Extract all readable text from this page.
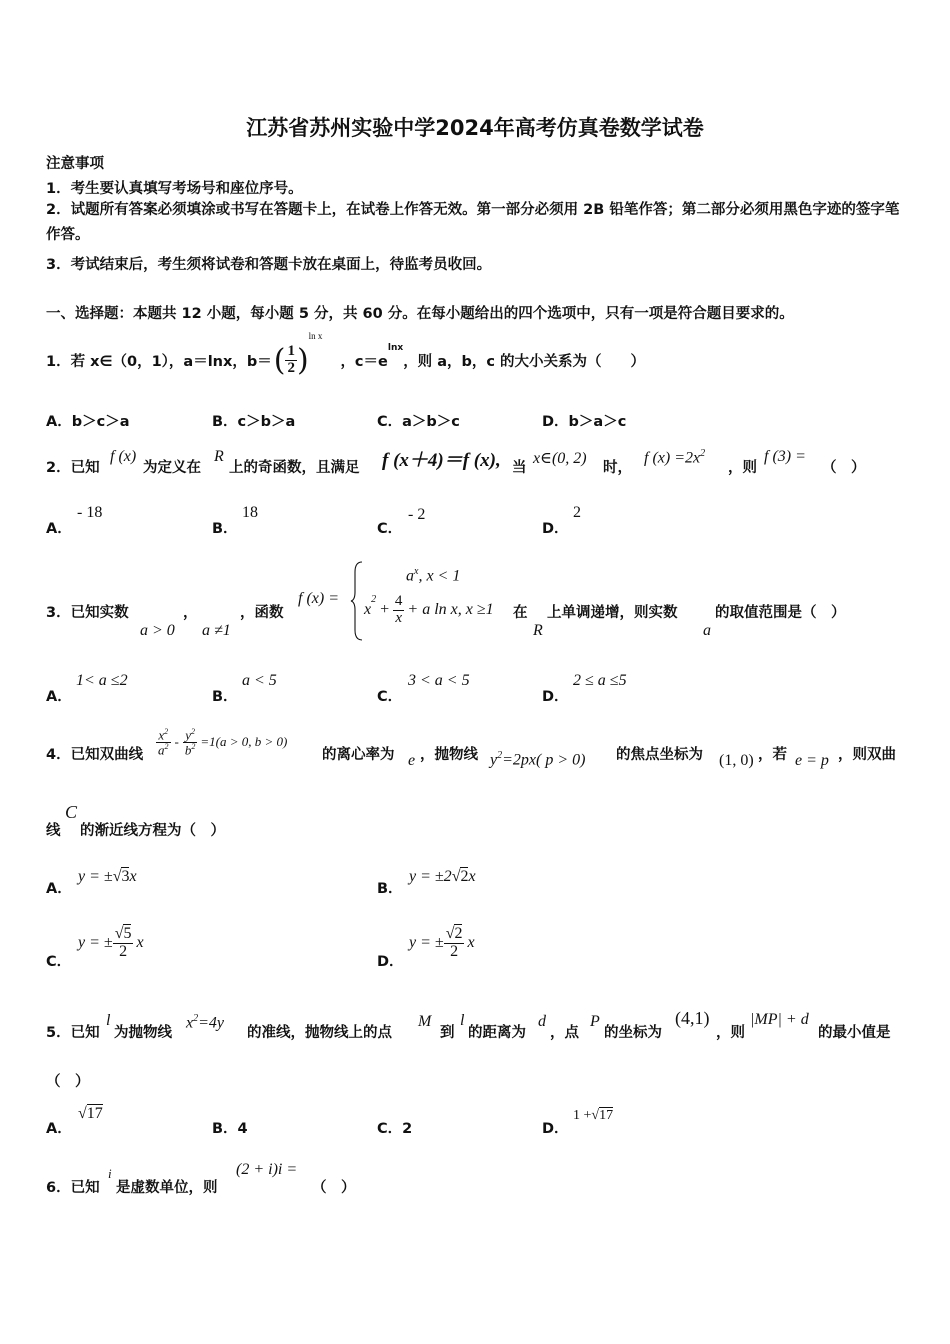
江苏省苏州实验中学2024年高考仿真卷数学试卷
注意事项
1．考生要认真填写考场号和座位序号。
2．试题所有答案必须填涂或书写在答题卡上，在试卷上作答无效。第一部分必须用 2B 铅笔作答；第二部分必须用黑色字迹的签字笔作答。
3．考试结束后，考生须将试卷和答题卡放在桌面上，待监考员收回。
一、选择题：本题共 12 小题，每小题 5 分，共 60 分。在每小题给出的四个选项中，只有一项是符合题目要求的。
1．若 x∈（0，1），a＝lnx，b＝ ( $\frac{1}{2}$ )
ln x
，c＝e
lnx
，则 a，b，c 的大小关系为（　　）
A．b＞c＞a	B．c＞b＞a	C．a＞b＞c	D．b＞a＞c
2．已知
f (x)
为定义在
R
上的奇函数，且满足 f (x＋4)＝f (x), 当
x∈(0, 2)
时，
f $(x) =2x^2$
，则
f (3) =
（　）
A．
- 18
B．
18
C．
- 2
D．
2
3．已知实数
a > 0
，
a ≠1
，函数
f (x) =
$a^x$, x < 1
x
2
+ $\frac{4}{x} + a$ ln x, x ≥1 在
R
上单调递增，则实数
a
的取值范围是（　）
A．
1< a ≤2
B．
a < 5
C．
3 < a < 5
D．
2 ≤ a ≤5
4．已知双曲线 $\frac{x^2}{a^2} - \frac{y^2}{b^2} =1(a > 0$, b > 0)
的离心率为 e ，抛物线 $y^2=2px$( p > 0) 的焦点坐标为 (1, 0) ，若 e = p ，则双曲
线
C
的渐近线方程为（　）
A．
y = ±√3x
B．
y = ±2√2x
C．
y = ± $\frac{√5}{2}$ x
D．
y = ± $\frac{√2}{2}$ x
5．已知
l
为抛物线
$x^2=4y$
的准线，抛物线上的点
M
到
l
的距离为
d
，点
P
的坐标为
(4,1)
，则
|MP| + d
的最小值是
（　）
A．
√17
B．4	C．2	D．
1 +√17
6．已知
i
是虚数单位，则
(2 + i)i =
（　）
